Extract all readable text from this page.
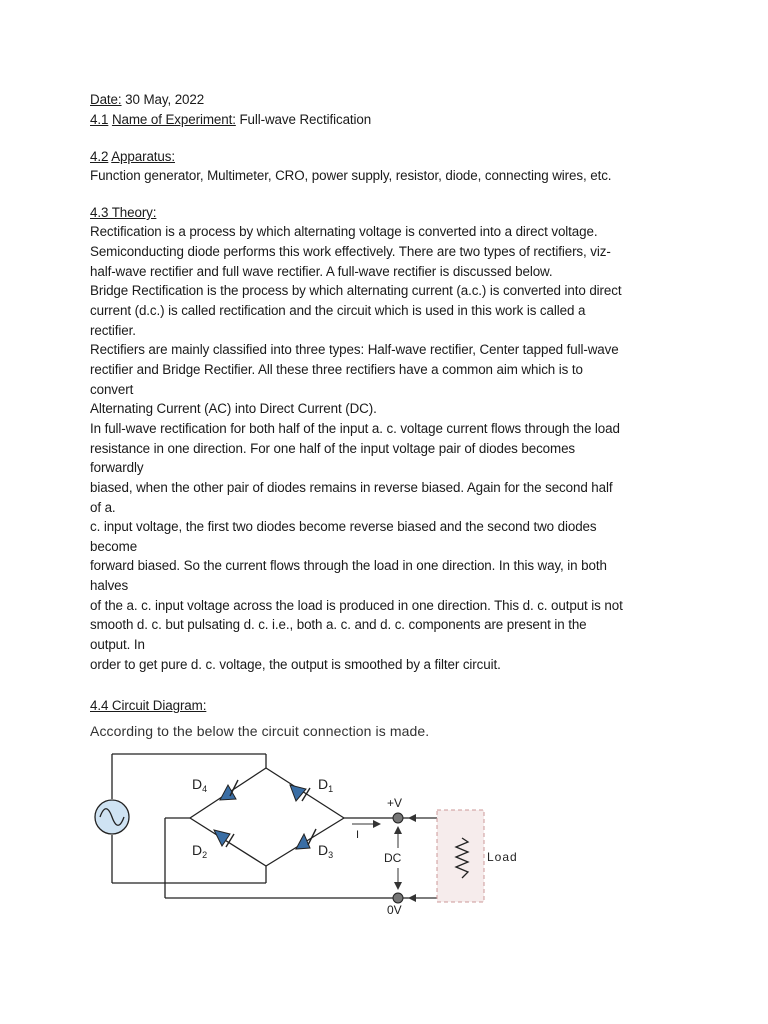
Date: 30 May, 2022
4.1 Name of Experiment: Full-wave Rectification
4.2 Apparatus:
Function generator, Multimeter, CRO, power supply, resistor, diode, connecting wires, etc.
4.3 Theory:
Rectification is a process by which alternating voltage is converted into a direct voltage.
Semiconducting diode performs this work effectively. There are two types of rectifiers, viz-
half-wave rectifier and full wave rectifier. A full-wave rectifier is discussed below.
Bridge Rectification is the process by which alternating current (a.c.) is converted into direct
current (d.c.) is called rectification and the circuit which is used in this work is called a
rectifier.
Rectifiers are mainly classified into three types: Half-wave rectifier, Center tapped full-wave
rectifier and Bridge Rectifier. All these three rectifiers have a common aim which is to
convert
Alternating Current (AC) into Direct Current (DC).
In full-wave rectification for both half of the input a. c. voltage current flows through the load
resistance in one direction. For one half of the input voltage pair of diodes becomes
forwardly
biased, when the other pair of diodes remains in reverse biased. Again for the second half
of a.
c. input voltage, the first two diodes become reverse biased and the second two diodes
become
forward biased. So the current flows through the load in one direction. In this way, in both
halves
of the a. c. input voltage across the load is produced in one direction. This d. c. output is not
smooth d. c. but pulsating d. c. i.e., both a. c. and d. c. components are present in the
output. In
order to get pure d. c. voltage, the output is smoothed by a filter circuit.
4.4 Circuit Diagram:
According to the below the circuit connection is made.
$D_4$	$D_1$
$D_2$	$D_3$
+V
I
DC	Load
0V
